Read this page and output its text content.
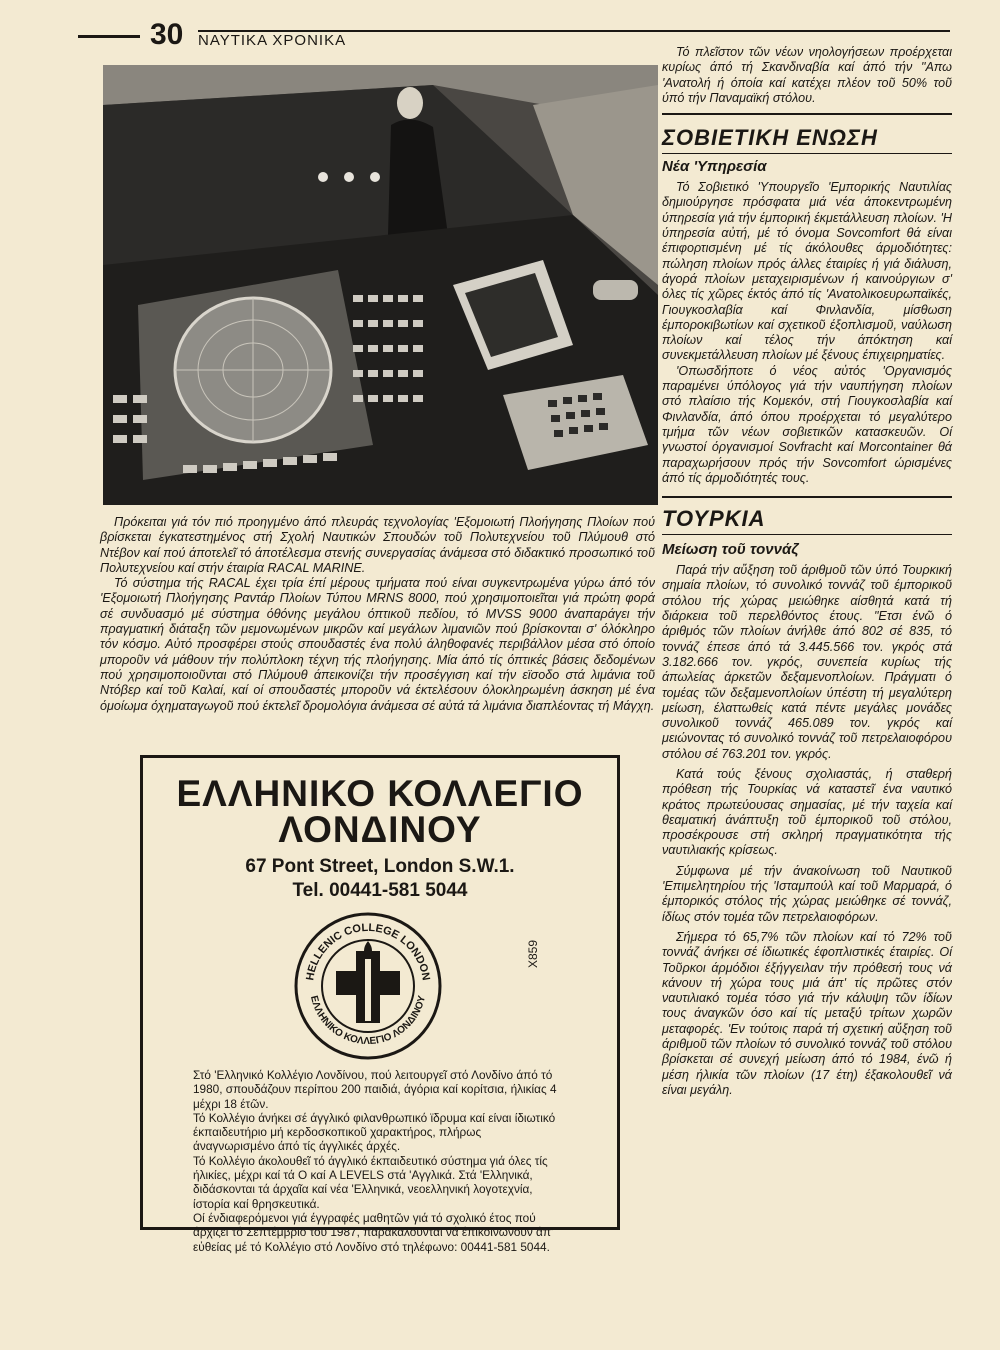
30 ΝΑΥΤΙΚΑ ΧΡΟΝΙΚΑ

Πρόκειται γιά τόν πιό προηγμένο άπό πλευράς τεχνολογίας 'Εξομοιωτή Πλοήγησης Πλοίων πού βρίσκεται έγκατεστημένος στή Σχολή Ναυτικών Σπουδών τοῦ Πολυτεχνείου τοῦ Πλύμουθ στό Ντέβον καί πού άποτελεῖ τό άποτέλεσμα στενής συνεργασίας άνάμεσα στό διδακτικό προσωπικό τοῦ Πολυτεχνείου καί στήν έταιρία RACAL MARINE.

Τό σύστημα τής RACAL έχει τρία έπί μέρους τμήματα πού είναι συγκεντρωμένα γύρω άπό τόν 'Εξομοιωτή Πλοήγησης Ραντάρ Πλοίων Τύπου MRNS 8000, πού χρησιμοποιεῖται γιά πρώτη φορά σέ συνδυασμό μέ σύστημα όθόνης μεγάλου όπτικοῦ πεδίου, τό MVSS 9000 άναπαράγει τήν πραγματική διάταξη τῶν μεμονωμένων μικρῶν καί μεγάλων λιμανιῶν πού βρίσκονται σ' όλόκληρο τόν κόσμο. Αὐτό προσφέρει στούς σπουδαστές ένα πολύ άληθοφανές περιβάλλον μέσα στό όποίο μποροῦν νά μάθουν τήν πολύπλοκη τέχνη τής πλοήγησης. Μία άπό τίς όπτικές βάσεις δεδομένων πού χρησιμοποιοῦνται στό Πλύμουθ άπεικονίζει τήν προσέγγιση καί τήν εϊσοδο στά λιμάνια τοῦ Ντόβερ καί τοῦ Καλαί, καί οί σπουδαστές μποροῦν νά έκτελέσουν όλοκληρωμένη άσκηση μέ ένα όμοίωμα όχηματαγωγοῦ πού έκτελεῖ δρομολόγια άνάμεσα σέ αὐτά τά λιμάνια διαπλέοντας τή Μάγχη.

ΕΛΛΗΝΙΚΟ ΚΟΛΛΕΓΙΟ
ΛΟΝΔΙΝΟΥ
67 Pont Street, London S.W.1.
Tel. 00441-581 5044
HELLENIC COLLEGE LONDON
ΕΛΛΗΝΙΚΟ ΚΟΛΛΕΓΙΟ ΛΟΝΔΙΝΟΥ
X859

Στό 'Ελληνικό Κολλέγιο Λονδίνου, πού λειτουργεῖ στό Λονδίνο άπό τό 1980, σπουδάζουν περίπου 200 παιδιά, άγόρια καί κορίτσια, ήλικίας 4 μέχρι 18 έτῶν.

Τό Κολλέγιο άνήκει σέ άγγλικό φιλανθρωπικό ϊδρυμα καί είναι ίδιωτικό έκπαιδευτήριο μή κερδοσκοπικοῦ χαρακτήρος, πλήρως άναγνωρισμένο άπό τίς άγγλικές άρχές.

Τό Κολλέγιο άκολουθεῖ τό άγγλικό έκπαιδευτικό σύστημα γιά όλες τίς ήλικίες, μέχρι καί τά O καί A LEVELS στά 'Αγγλικά. Στά 'Ελληνικά, διδάσκονται τά άρχαῖα καί νέα 'Ελληνικά, νεοελληνική λογοτεχνία, ίστορία καί θρησκευτικά.

Οί ένδιαφερόμενοι γιά έγγραφές μαθητῶν γιά τό σχολικό έτος πού άρχίζει τό Σεπτέμβριο τοῦ 1987, παρακαλοῦνται νά έπικοινωνοῦν άπ' εὐθείας μέ τό Κολλέγιο στό Λονδίνο στό τηλέφωνο: 00441-581 5044.

Τό πλεῖστον τῶν νέων νηολογήσεων προέρχεται κυρίως άπό τή Σκανδιναβία καί άπό τήν "Απω 'Ανατολή ή όποία καί κατέχει πλέον τοῦ 50% τοῦ ύπό τήν Παναμαϊκή στόλου.

ΣΟΒΙΕΤΙΚΗ ΕΝΩΣΗ
Νέα 'Υπηρεσία

Τό Σοβιετικό 'Υπουργεῖο 'Εμπορικής Ναυτιλίας δημιούργησε πρόσφατα μιά νέα άποκεντρωμένη ύπηρεσία γιά τήν έμπορική έκμετάλλευση πλοίων. 'Η ύπηρεσία αὐτή, μέ τό όνομα Sovcomfort θά είναι έπιφορτισμένη μέ τίς άκόλουθες άρμοδιότητες: πώληση πλοίων πρός άλλες έταιρίες ή γιά διάλυση, άγορά πλοίων μεταχειρισμένων ή καινούργιων σ' όλες τίς χῶρες έκτός άπό τίς 'Ανατολικοευρωπαϊκές, Γιουγκοσλαβία καί Φινλανδία, μίσθωση έμπορoκιβωτίων καί σχετικοῦ έξοπλισμοῦ, ναύλωση πλοίων καί τέλος τήν άπόκτηση καί συνεκμετάλλευση πλοίων μέ ξένους έπιχειρηματίες.

'Οπωσδήποτε ό νέος αὐτός 'Οργανισμός παραμένει ύπόλογος γιά τήν ναυπήγηση πλοίων στό πλαίσιο τής Κομεκόν, στή Γιουγκοσλαβία καί Φινλανδία, άπό όπου προέρχεται τό μεγαλύτερο τμήμα τῶν νέων σοβιετικῶν κατασκευῶν. Οί γνωστοί όργανισμοί Sovfracht καί Morcontainer θά παραχωρήσουν πρός τήν Sovcomfort ώρισμένες άπό τίς άρμοδιότητές τους.

ΤΟΥΡΚΙΑ
Μείωση τοῦ τοννάζ

Παρά τήν αὔξηση τοῦ άριθμοῦ τῶν ύπό Τουρκική σημαία πλοίων, τό συνολικό τοννάζ τοῦ έμπορικοῦ στόλου τής χώρας μειώθηκε αίσθητά κατά τή διάρκεια τοῦ περελθόντος έτους. "Ετσι ένῶ ό άριθμός τῶν πλοίων άνήλθε άπό 802 σέ 835, τό τοννάζ έπεσε άπό τά 3.445.566 τον. γκρός στά 3.182.666 τον. γκρός, συνεπεία κυρίως τής άπωλείας άρκετῶν δεξαμενοπλοίων. Πράγματι ό τομέας τῶν δεξαμενοπλοίων ύπέστη τή μεγαλύτερη μείωση, έλαττωθείς κατά πέντε μεγάλες μονάδες συνολικοῦ τοννάζ 465.089 τον. γκρός καί μειώνοντας τό συνολικό τοννάζ τοῦ πετρελαιοφόρου στόλου σέ 763.201 τον. γκρός.

Κατά τούς ξένους σχολιαστάς, ή σταθερή πρόθεση τής Τουρκίας νά καταστεῖ ένα ναυτικό κράτος πρωτεύουσας σημασίας, μέ τήν ταχεία καί θεαματική άνάπτυξη τοῦ έμπορικοῦ τοῦ στόλου, προσέκρουσε στή σκληρή πραγματικότητα τής ναυτιλιακής κρίσεως.

Σύμφωνα μέ τήν άνακοίνωση τοῦ Ναυτικοῦ 'Επιμελητηρίου τής 'Ισταμπούλ καί τοῦ Μαρμαρά, ό έμπορικός στόλος τής χώρας μειώθηκε σέ τοννάζ, ίδίως στόν τομέα τῶν πετρελαιοφόρων.

Σήμερα τό 65,7% τῶν πλοίων καί τό 72% τοῦ τοννάζ άνήκει σέ ίδιωτικές έφοπλιστικές έταιρίες. Οί Τοῦρκοι άρμόδιοι έξήγγειλαν τήν πρόθεσή τους νά κάνουν τή χώρα τους μιά άπ' τίς πρῶτες στόν ναυτιλιακό τομέα τόσο γιά τήν κάλυψη τῶν ίδίων τους άναγκῶν όσο καί τίς μεταξύ τρίτων χωρῶν μεταφορές. 'Εν τούτοις παρά τή σχετική αὔξηση τοῦ άριθμοῦ τῶν πλοίων τό συνολικό τοννάζ τοῦ στόλου βρίσκεται σέ συνεχή μείωση άπό τό 1984, ένῶ ή μέση ήλικία τῶν πλοίων (17 έτη) έξακολουθεῖ νά είναι μεγάλη.
